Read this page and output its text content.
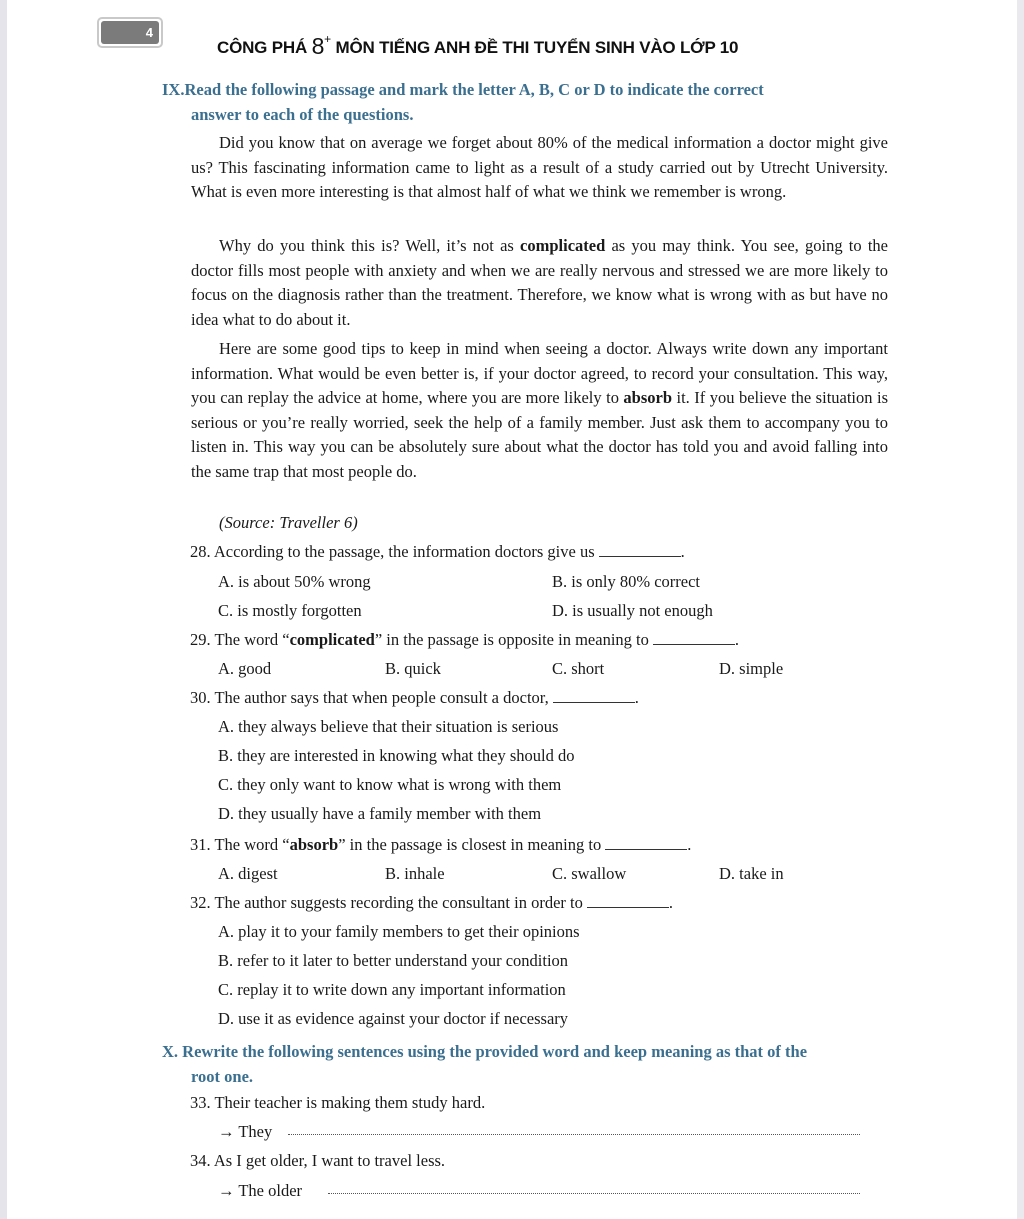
4
CÔNG PHÁ 8+ MÔN TIẾNG ANH ĐỀ THI TUYỂN SINH VÀO LỚP 10
IX.Read the following passage and mark the letter A, B, C or D to indicate the correct
answer to each of the questions.
Did you know that on average we forget about 80% of the medical information a doctor might give us? This fascinating information came to light as a result of a study carried out by Utrecht University. What is even more interesting is that almost half of what we think we remember is wrong.
Why do you think this is? Well, it’s not as complicated as you may think. You see, going to the doctor fills most people with anxiety and when we are really nervous and stressed we are more likely to focus on the diagnosis rather than the treatment. Therefore, we know what is wrong with as but have no idea what to do about it.
Here are some good tips to keep in mind when seeing a doctor. Always write down any important information. What would be even better is, if your doctor agreed, to record your consultation. This way, you can replay the advice at home, where you are more likely to absorb it. If you believe the situation is serious or you’re really worried, seek the help of a family member. Just ask them to accompany you to listen in. This way you can be absolutely sure about what the doctor has told you and avoid falling into the same trap that most people do.
(Source: Traveller 6)
28. According to the passage, the information doctors give us	.
A. is about 50% wrong	B. is only 80% correct
C. is mostly forgotten	D. is usually not enough
29. The word “complicated” in the passage is opposite in meaning to	.
A. good	B. quick	C. short	D. simple
30. The author says that when people consult a doctor,	.
A. they always believe that their situation is serious
B. they are interested in knowing what they should do
C. they only want to know what is wrong with them
D. they usually have a family member with them
31. The word “absorb” in the passage is closest in meaning to	.
A. digest	B. inhale	C. swallow	D. take in
32. The author suggests recording the consultant in order to	.
A. play it to your family members to get their opinions
B. refer to it later to better understand your condition
C. replay it to write down any important information
D. use it as evidence against your doctor if necessary
X. Rewrite the following sentences using the provided word and keep meaning as that of the
root one.
33. Their teacher is making them study hard.
→ They
34. As I get older, I want to travel less.
→ The older
